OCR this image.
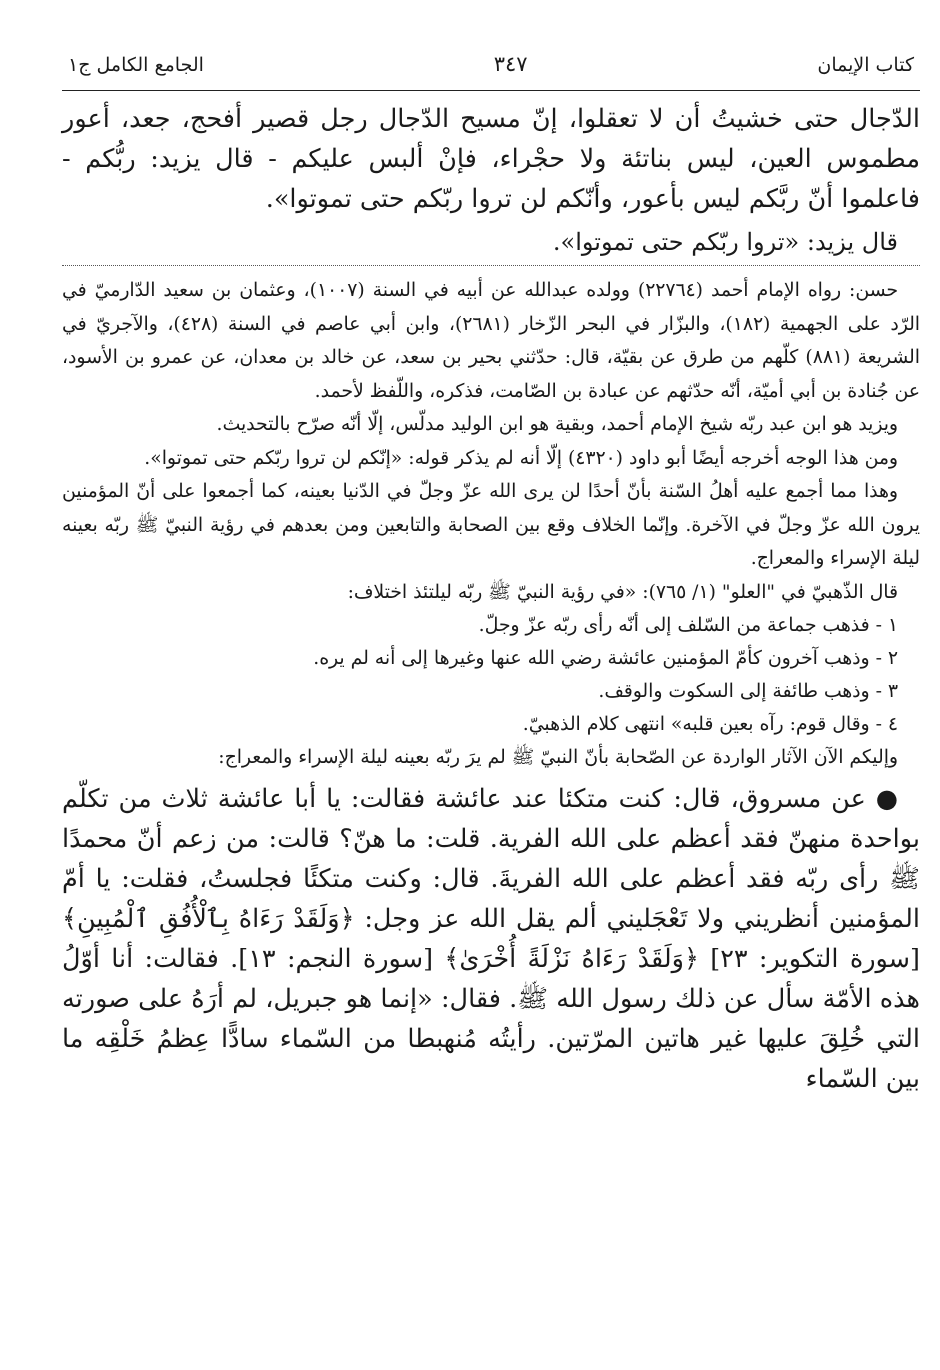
كتاب الإيمان
٣٤٧
الجامع الكامل ج١

الدّجال حتى خشيتُ أن لا تعقلوا، إنّ مسيح الدّجال رجل قصير أفحج، جعد، أعور مطموس العين، ليس بناتئة ولا حجْراء، فإنْ ألبس عليكم - قال يزيد: ربُّكم - فاعلموا أنّ ربَّكم ليس بأعور، وأنّكم لن تروا ربّكم حتى تموتوا».

قال يزيد: «تروا ربّكم حتى تموتوا».

حسن: رواه الإمام أحمد (٢٢٧٦٤) وولده عبدالله عن أبيه في السنة (١٠٠٧)، وعثمان بن سعيد الدّارميّ في الرّد على الجهمية (١٨٢)، والبزّار في البحر الزّخار (٢٦٨١)، وابن أبي عاصم في السنة (٤٢٨)، والآجريّ في الشريعة (٨٨١) كلّهم من طرق عن بقيّة، قال: حدّثني بحير بن سعد، عن خالد بن معدان، عن عمرو بن الأسود، عن جُنادة بن أبي أميّة، أنّه حدّثهم عن عبادة بن الصّامت، فذكره، واللّفظ لأحمد.

ويزيد هو ابن عبد ربّه شيخ الإمام أحمد، وبقية هو ابن الوليد مدلّس، إلّا أنّه صرّح بالتحديث.

ومن هذا الوجه أخرجه أيضًا أبو داود (٤٣٢٠) إلّا أنه لم يذكر قوله: «إنّكم لن تروا ربّكم حتى تموتوا».

وهذا مما أجمع عليه أهلُ السّنة بأنّ أحدًا لن يرى الله عزّ وجلّ في الدّنيا بعينه، كما أجمعوا على أنّ المؤمنين يرون الله عزّ وجلّ في الآخرة. وإنّما الخلاف وقع بين الصحابة والتابعين ومن بعدهم في رؤية النبيّ ﷺ ربّه بعينه ليلة الإسراء والمعراج.

قال الذّهبيّ في "العلو" (١/ ٧٦٥): «في رؤية النبيّ ﷺ ربّه ليلتئذ اختلاف:

١ - فذهب جماعة من السّلف إلى أنّه رأى ربّه عزّ وجلّ.

٢ - وذهب آخرون كأمّ المؤمنين عائشة رضي الله عنها وغيرها إلى أنه لم يره.

٣ - وذهب طائفة إلى السكوت والوقف.

٤ - وقال قوم: رآه بعين قلبه» انتهى كلام الذهبيّ.

وإليكم الآن الآثار الواردة عن الصّحابة بأنّ النبيّ ﷺ لم يرَ ربّه بعينه ليلة الإسراء والمعراج:

● عن مسروق، قال: كنت متكئا عند عائشة فقالت: يا أبا عائشة ثلاث من تكلّم بواحدة منهنّ فقد أعظم على الله الفرية. قلت: ما هنّ؟ قالت: من زعم أنّ محمدًا ﷺ رأى ربّه فقد أعظم على الله الفريةَ. قال: وكنت متكئًا فجلستُ، فقلت: يا أمّ المؤمنين أنظريني ولا تَعْجَليني ألم يقل الله عز وجل: ﴿وَلَقَدْ رَءَاهُ بِٱلْأُفُقِ ٱلْمُبِينِ﴾ [سورة التكوير: ٢٣] ﴿وَلَقَدْ رَءَاهُ نَزْلَةً أُخْرَىٰ﴾ [سورة النجم: ١٣]. فقالت: أنا أوّلُ هذه الأمّة سأل عن ذلك رسول الله ﷺ. فقال: «إنما هو جبريل، لم أرَهُ على صورته التي خُلِقَ عليها غير هاتين المرّتين. رأيتُه مُنهبطا من السّماء سادًّا عِظمُ خَلْقِه ما بين السّماء
